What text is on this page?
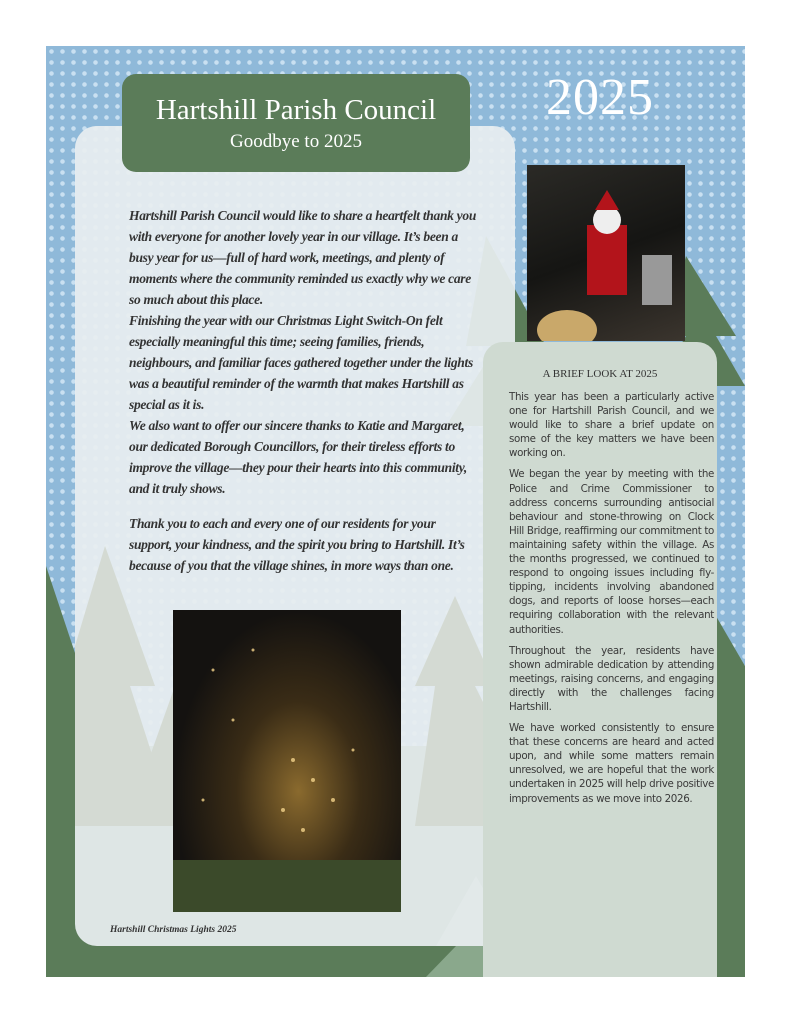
Hartshill Parish Council
Goodbye to 2025
2025

Hartshill Parish Council would like to share a heartfelt thank you with everyone for another lovely year in our village. It’s been a busy year for us—full of hard work, meetings, and plenty of moments where the community reminded us exactly why we care so much about this place.

Finishing the year with our Christmas Light Switch-On felt especially meaningful this time; seeing families, friends, neighbours, and familiar faces gathered together under the lights was a beautiful reminder of the warmth that makes Hartshill as special as it is.

We also want to offer our sincere thanks to Katie and Margaret, our dedicated Borough Councillors, for their tireless efforts to improve the village—they pour their hearts into this community, and it truly shows.

Thank you to each and every one of our residents for your support, your kindness, and the spirit you bring to Hartshill. It’s because of you that the village shines, in more ways than one.

Hartshill Christmas Lights 2025
A BRIEF LOOK AT 2025

This year has been a particularly active one for Hartshill Parish Council, and we would like to share a brief update on some of the key matters we have been working on.

We began the year by meeting with the Police and Crime Commissioner to address concerns surrounding antisocial behaviour and stone-throwing on Clock Hill Bridge, reaffirming our commitment to maintaining safety within the village. As the months progressed, we continued to respond to ongoing issues including fly-tipping, incidents involving abandoned dogs, and reports of loose horses—each requiring collaboration with the relevant authorities.

Throughout the year, residents have shown admirable dedication by attending meetings, raising concerns, and engaging directly with the challenges facing Hartshill.

We have worked consistently to ensure that these concerns are heard and acted upon, and while some matters remain unresolved, we are hopeful that the work undertaken in 2025 will help drive positive improvements as we move into 2026.
